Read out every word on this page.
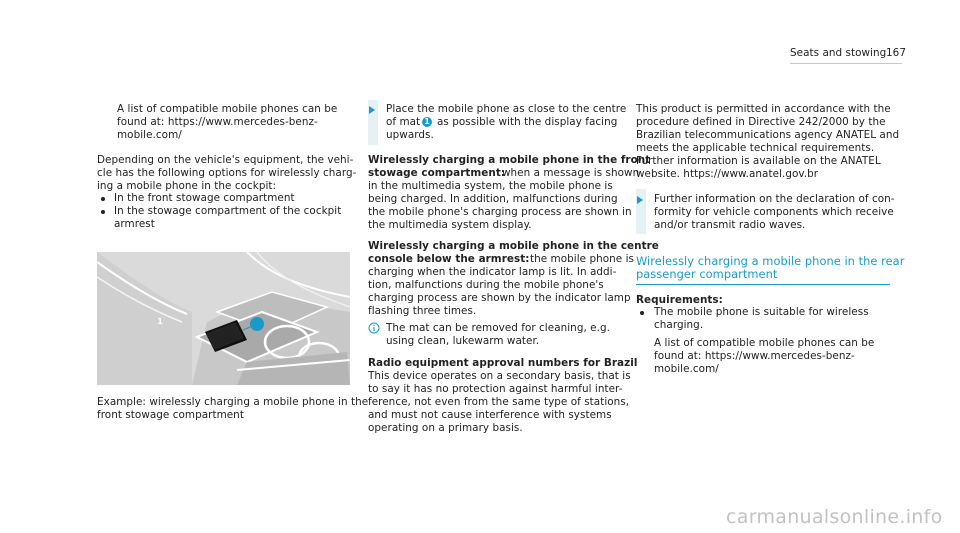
Seats and stowing 167
A list of compatible mobile phones can be
found at: https://www.mercedes-benz-
mobile.com/
Depending on the vehicle's equipment, the vehi-
cle has the following options for wirelessly charg-
ing a mobile phone in the cockpit:
In the front stowage compartment
In the stowage compartment of the cockpit
armrest
1
Example: wirelessly charging a mobile phone in the
front stowage compartment
Place the mobile phone as close to the centre
of mat 1 as possible with the display facing
upwards.
Wirelessly charging a mobile phone in the front
stowage compartment:
when a message is shown
in the multimedia system, the mobile phone is
being charged. In addition, malfunctions during
the mobile phone's charging process are shown in
the multimedia system display.
Wirelessly charging a mobile phone in the centre
console below the armrest: the mobile phone is
charging when the indicator lamp is lit. In addi-
tion, malfunctions during the mobile phone's
charging process are shown by the indicator lamp
flashing three times.
The mat can be removed for cleaning, e.g.
using clean, lukewarm water.
Radio equipment approval numbers for Brazil
This device operates on a secondary basis, that is
to say it has no protection against harmful inter-
ference, not even from the same type of stations,
and must not cause interference with systems
operating on a primary basis.
This product is permitted in accordance with the
procedure defined in Directive 242/2000 by the
Brazilian telecommunications agency ANATEL and
meets the applicable technical requirements.
Further information is available on the ANATEL
website. https://www.anatel.gov.br
Further information on the declaration of con-
formity for vehicle components which receive
and/or transmit radio waves.
Wirelessly charging a mobile phone in the rear
passenger compartment
Requirements:
The mobile phone is suitable for wireless
charging.
A list of compatible mobile phones can be
found at: https://www.mercedes-benz-
mobile.com/
carmanualsonline.info
